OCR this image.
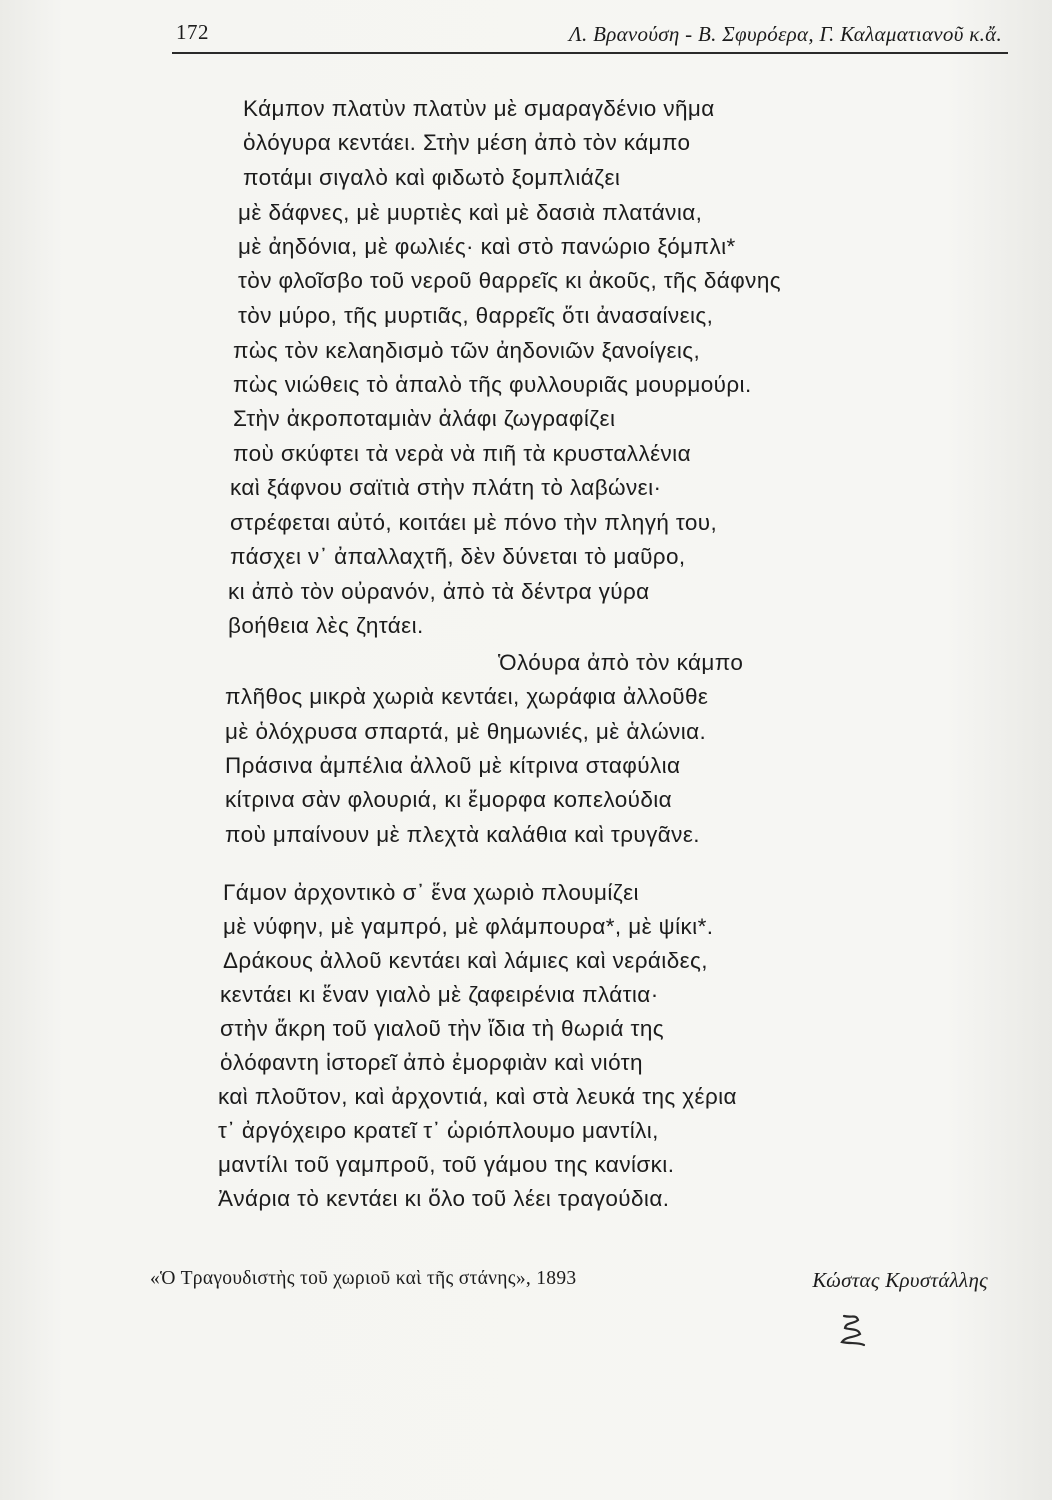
172	Λ. Βρανούση - Β. Σφυρόερα, Γ. Καλαματιανοῦ κ.ἄ.
Κάμπον πλατὺν πλατὺν μὲ σμαραγδένιο νῆμα
ὁλόγυρα κεντάει. Στὴν μέση ἀπὸ τὸν κάμπο
ποτάμι σιγαλὸ καὶ φιδωτὸ ξομπλιάζει
μὲ δάφνες, μὲ μυρτιὲς καὶ μὲ δασιὰ πλατάνια,
μὲ ἀηδόνια, μὲ φωλιές· καὶ στὸ πανώριο ξόμπλι*
τὸν φλοῖσβο τοῦ νεροῦ θαρρεῖς κι ἀκοῦς, τῆς δάφνης
τὸν μύρο, τῆς μυρτιᾶς, θαρρεῖς ὅτι ἀνασαίνεις,
πὼς τὸν κελαηδισμὸ τῶν ἀηδονιῶν ξανοίγεις,
πὼς νιώθεις τὸ ἁπαλὸ τῆς φυλλουριᾶς μουρμούρι.
Στὴν ἀκροποταμιὰν ἀλάφι ζωγραφίζει
ποὺ σκύφτει τὰ νερὰ νὰ πιῆ τὰ κρυσταλλένια
καὶ ξάφνου σαϊτιὰ στὴν πλάτη τὸ λαβώνει·
στρέφεται αὐτό, κοιτάει μὲ πόνο τὴν πληγή του,
πάσχει ν᾽ ἀπαλλαχτῆ, δὲν δύνεται τὸ μαῦρο,
κι ἀπὸ τὸν οὐρανόν, ἀπὸ τὰ δέντρα γύρα
βοήθεια λὲς ζητάει.
Ὁλόυρα ἀπὸ τὸν κάμπο
πλῆθος μικρὰ χωριὰ κεντάει, χωράφια ἀλλοῦθε
μὲ ὁλόχρυσα σπαρτά, μὲ θημωνιές, μὲ ἁλώνια.
Πράσινα ἀμπέλια ἀλλοῦ μὲ κίτρινα σταφύλια
κίτρινα σὰν φλουριά, κι ἔμορφα κοπελούδια
ποὺ μπαίνουν μὲ πλεχτὰ καλάθια καὶ τρυγᾶνε.
Γάμον ἀρχοντικὸ σ᾽ ἕνα χωριὸ πλουμίζει
μὲ νύφην, μὲ γαμπρό, μὲ φλάμπουρα*, μὲ ψίκι*.
Δράκους ἀλλοῦ κεντάει καὶ λάμιες καὶ νεράιδες,
κεντάει κι ἕναν γιαλὸ μὲ ζαφειρένια πλάτια·
στὴν ἄκρη τοῦ γιαλοῦ τὴν ἴδια τὴ θωριά της
ὁλόφαντη ἱστορεῖ ἀπὸ ἐμορφιὰν καὶ νιότη
καὶ πλοῦτον, καὶ ἀρχοντιά, καὶ στὰ λευκά της χέρια
τ᾽ ἀργόχειρο κρατεῖ τ᾽ ὡριόπλουμο μαντίλι,
μαντίλι τοῦ γαμπροῦ, τοῦ γάμου της κανίσκι.
Ἀνάρια τὸ κεντάει κι ὅλο τοῦ λέει τραγούδια.
«Ὁ Τραγουδιστὴς τοῦ χωριοῦ καὶ τῆς στάνης», 1893	Κώστας Κρυστάλλης
